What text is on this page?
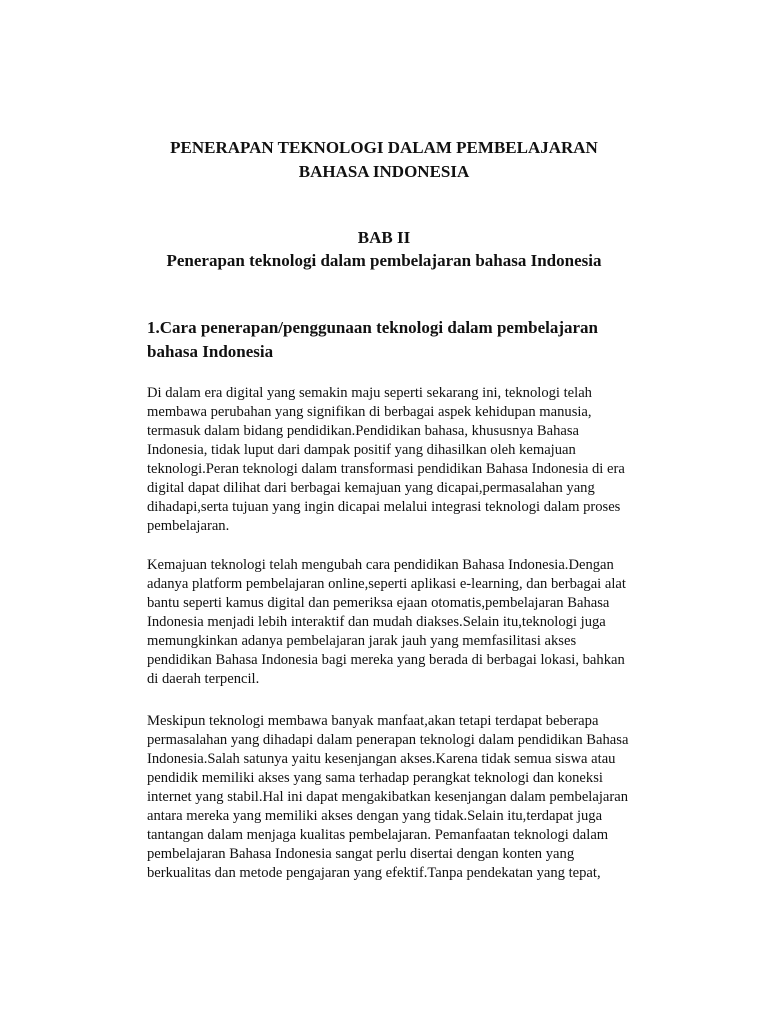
PENERAPAN TEKNOLOGI DALAM PEMBELAJARAN
BAHASA INDONESIA
BAB II
Penerapan teknologi dalam pembelajaran bahasa Indonesia
1.Cara penerapan/penggunaan teknologi dalam pembelajaran
bahasa Indonesia

Di dalam era digital yang semakin maju seperti sekarang ini, teknologi telah
membawa perubahan yang signifikan di berbagai aspek kehidupan manusia,
termasuk dalam bidang pendidikan.Pendidikan bahasa, khususnya Bahasa
Indonesia, tidak luput dari dampak positif yang dihasilkan oleh kemajuan
teknologi.Peran teknologi dalam transformasi pendidikan Bahasa Indonesia di era
digital dapat dilihat dari berbagai kemajuan yang dicapai,permasalahan yang
dihadapi,serta tujuan yang ingin dicapai melalui integrasi teknologi dalam proses
pembelajaran.

Kemajuan teknologi telah mengubah cara pendidikan Bahasa Indonesia.Dengan
adanya platform pembelajaran online,seperti aplikasi e-learning, dan berbagai alat
bantu seperti kamus digital dan pemeriksa ejaan otomatis,pembelajaran Bahasa
Indonesia menjadi lebih interaktif dan mudah diakses.Selain itu,teknologi juga
memungkinkan adanya pembelajaran jarak jauh yang memfasilitasi akses
pendidikan Bahasa Indonesia bagi mereka yang berada di berbagai lokasi, bahkan
di daerah terpencil.

Meskipun teknologi membawa banyak manfaat,akan tetapi terdapat beberapa
permasalahan yang dihadapi dalam penerapan teknologi dalam pendidikan Bahasa
Indonesia.Salah satunya yaitu kesenjangan akses.Karena tidak semua siswa atau
pendidik memiliki akses yang sama terhadap perangkat teknologi dan koneksi
internet yang stabil.Hal ini dapat mengakibatkan kesenjangan dalam pembelajaran
antara mereka yang memiliki akses dengan yang tidak.Selain itu,terdapat juga
tantangan dalam menjaga kualitas pembelajaran. Pemanfaatan teknologi dalam
pembelajaran Bahasa Indonesia sangat perlu disertai dengan konten yang
berkualitas dan metode pengajaran yang efektif.Tanpa pendekatan yang tepat,
